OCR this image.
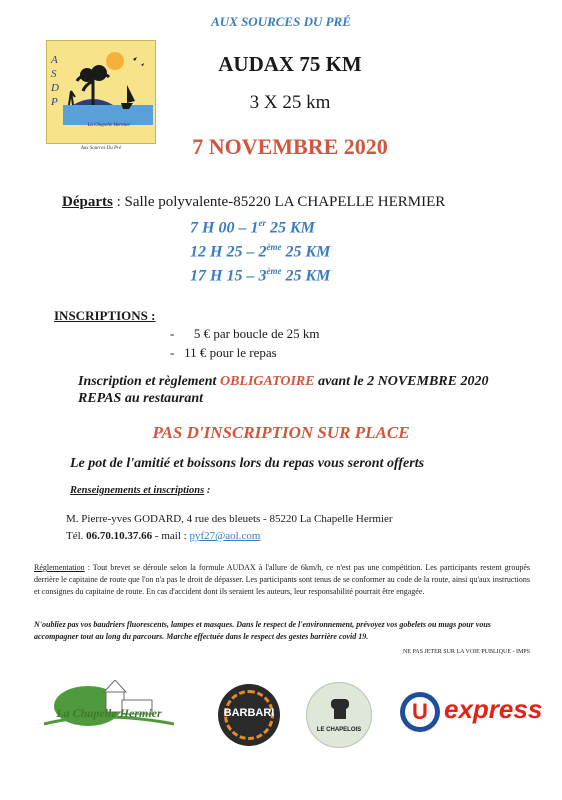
AUX SOURCES DU PRÉ
A
S
D
P
La Chapelle Hermier
Aux Sources Du Pré
AUDAX 75 KM
3 X 25 km
7 NOVEMBRE 2020
Départs : Salle polyvalente-85220 LA CHAPELLE HERMIER
7 H 00 – 1er 25 KM
12 H 25 – 2ème 25 KM
17 H 15 – 3ème 25 KM
INSCRIPTIONS :
-      5 € par boucle de 25 km
-   11 € pour le repas
Inscription et règlement OBLIGATOIRE avant le 2 NOVEMBRE 2020
REPAS au restaurant
PAS D'INSCRIPTION SUR PLACE
Le pot de l'amitié et boissons lors du repas vous seront offerts
Renseignements et inscriptions :
M. Pierre-yves GODARD, 4 rue des bleuets - 85220 La Chapelle Hermier
Tél. 06.70.10.37.66 - mail : pyf27@aol.com
Réglementation : Tout brevet se déroule selon la formule AUDAX à l'allure de 6km/h, ce n'est pas une compétition. Les participants restent groupés derrière le capitaine de route que l'on n'a pas le droit de dépasser. Les participants sont tenus de se conformer au code de la route, ainsi qu'aux instructions et consignes du capitaine de route. En cas d'accident dont ils seraient les auteurs, leur responsabilité pourrait être engagée.
N'oubliez pas vos baudriers fluorescents, lampes et masques. Dans le respect de l'environnement, prévoyez vos gobelets ou mugs pour vous accompagner tout au long du parcours. Marche effectuée dans le respect des gestes barrière covid 19.
NE PAS JETER SUR LA VOIE PUBLIQUE - IMPS
La Chapelle Hermier	BARBARI
LE CHAPELOIS
U express
